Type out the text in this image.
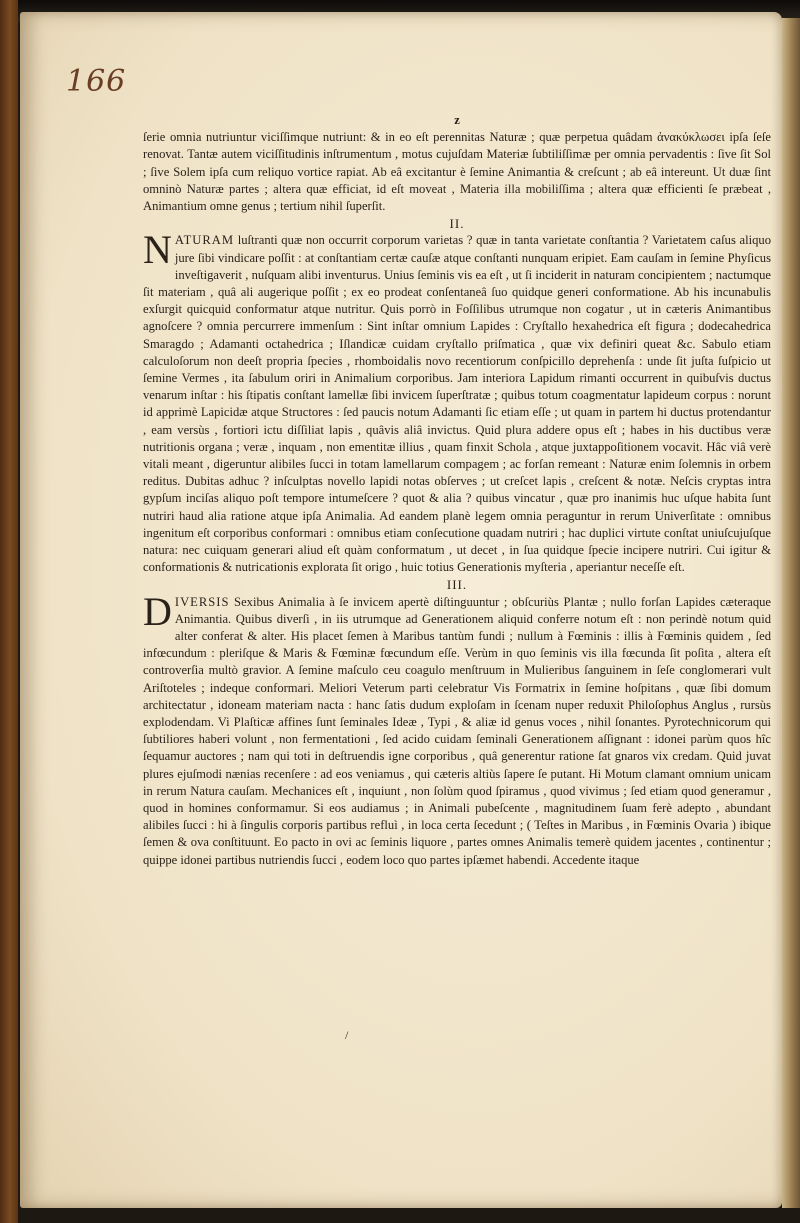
166
z

ſerie omnia nutriuntur viciſſimque nutriunt: & in eo eſt perennitas Naturæ ; quæ perpetua quâdam ἀνακύκλωσει ipſa ſeſe renovat. Tantæ autem viciſſitudinis inſtrumentum , motus cujuſdam Materiæ ſubtiliſſimæ per omnia pervadentis : ſive ſit Sol ; ſive Solem ipſa cum reliquo vortice rapiat. Ab eâ excitantur è ſemine Animantia & creſcunt ; ab eâ intereunt. Ut duæ ſint omninò Naturæ partes ; altera quæ efficiat, id eſt moveat , Materia illa mobiliſſima ; altera quæ efficienti ſe præbeat , Animantium omne genus ; tertium nihil ſuperſit.

II.

NATURAM luſtranti quæ non occurrit corporum varietas ? quæ in tanta varietate conſtantia ? Varietatem caſus aliquo jure ſibi vindicare poſſit : at conſtantiam certæ cauſæ atque conſtanti nunquam eripiet. Eam cauſam in ſemine Phyſicus inveſtigaverit , nuſquam alibi inventurus. Unius ſeminis vis ea eſt , ut ſi inciderit in naturam concipientem ; nactumque ſit materiam , quâ ali augerique poſſit ; ex eo prodeat conſentaneâ ſuo quidque generi conformatione. Ab his incunabulis exſurgit quicquid conformatur atque nutritur. Quis porrò in Foſſilibus utrumque non cogatur , ut in cæteris Animantibus agnoſcere ? omnia percurrere immenſum : Sint inſtar omnium Lapides : Cryſtallo hexahedrica eſt figura ; dodecahedrica Smaragdo ; Adamanti octahedrica ; Iſlandicæ cuidam cryſtallo priſmatica , quæ vix definiri queat &c. Sabulo etiam calculoſorum non deeſt propria ſpecies , rhomboidalis novo recentiorum conſpicillo deprehenſa : unde ſit juſta ſuſpicio ut ſemine Vermes , ita ſabulum oriri in Animalium corporibus. Jam interiora Lapidum rimanti occurrent in quibuſvis ductus venarum inſtar : his ſtipatis conſtant lamellæ ſibi invicem ſuperſtratæ ; quibus totum coagmentatur lapideum corpus : norunt id apprimè Lapicidæ atque Structores : ſed paucis notum Adamanti ſic etiam eſſe ; ut quam in partem hi ductus protendantur , eam versùs , fortiori ictu diſſiliat lapis , quâvis aliâ invictus. Quid plura addere opus eſt ; habes in his ductibus veræ nutritionis organa ; veræ , inquam , non ementitæ illius , quam finxit Schola , atque juxtappoſitionem vocavit. Hâc viâ verè vitali meant , digeruntur alibiles ſucci in totam lamellarum compagem ; ac forſan remeant : Naturæ enim ſolemnis in orbem reditus. Dubitas adhuc ? inſculptas novello lapidi notas obſerves ; ut creſcet lapis , creſcent & notæ. Neſcis cryptas intra gypſum inciſas aliquo poſt tempore intumeſcere ? quot & alia ? quibus vincatur , quæ pro inanimis huc uſque habita ſunt nutriri haud alia ratione atque ipſa Animalia. Ad eandem planè legem omnia peraguntur in rerum Univerſitate : omnibus ingenitum eſt corporibus conformari : omnibus etiam conſecutione quadam nutriri ; hac duplici virtute conſtat uniuſcujuſque natura: nec cuiquam generari aliud eſt quàm conformatum , ut decet , in ſua quidque ſpecie incipere nutriri. Cui igitur & conformationis & nutricationis explorata ſit origo , huic totius Generationis myſteria , aperiantur neceſſe eſt.

III.

DIVERSIS Sexibus Animalia à ſe invicem apertè diſtinguuntur ; obſcuriùs Plantæ ; nullo forſan Lapides cæteraque Animantia. Quibus diverſi , in iis utrumque ad Generationem aliquid conferre notum eſt : non perindè notum quid alter conferat & alter. His placet ſemen à Maribus tantùm fundi ; nullum à Fœminis : illis à Fœminis quidem , ſed infœcundum : pleriſque & Maris & Fœminæ fœcundum eſſe. Verùm in quo ſeminis vis illa fœcunda ſit poſita , altera eſt controverſia multò gravior. A ſemine maſculo ceu coagulo menſtruum in Mulieribus ſanguinem in ſeſe conglomerari vult Ariſtoteles ; indeque conformari. Meliori Veterum parti celebratur Vis Formatrix in ſemine hoſpitans , quæ ſibi domum architectatur , idoneam materiam nacta : hanc ſatis dudum exploſam in ſcenam nuper reduxit Philoſophus Anglus , rursùs explodendam. Vi Plaſticæ affines ſunt ſeminales Ideæ , Typi , & aliæ id genus voces , nihil ſonantes. Pyrotechnicorum qui ſubtiliores haberi volunt , non fermentationi , ſed acido cuidam ſeminali Generationem aſſignant : idonei parùm quos hîc ſequamur auctores ; nam qui toti in deſtruendis igne corporibus , quâ generentur ratione ſat gnaros vix credam. Quid juvat plures ejuſmodi nænias recenſere : ad eos veniamus , qui cæteris altiùs ſapere ſe putant. Hi Motum clamant omnium unicam in rerum Natura cauſam. Mechanices eſt , inquiunt , non ſolùm quod ſpiramus , quod vivimus ; ſed etiam quod generamur , quod in homines conformamur. Si eos audiamus ; in Animali pubeſcente , magnitudinem ſuam ferè adepto , abundant alibiles ſucci : hi à ſingulis corporis partibus refluì , in loca certa ſecedunt ; ( Teſtes in Maribus , in Fœminis Ovaria ) ibique ſemen & ova conſtituunt. Eo pacto in ovi ac ſeminis liquore , partes omnes Animalis temerè quidem jacentes , continentur ; quippe idonei partibus nutriendis ſucci , eodem loco quo partes ipſæmet habendi. Accedente itaque

/
